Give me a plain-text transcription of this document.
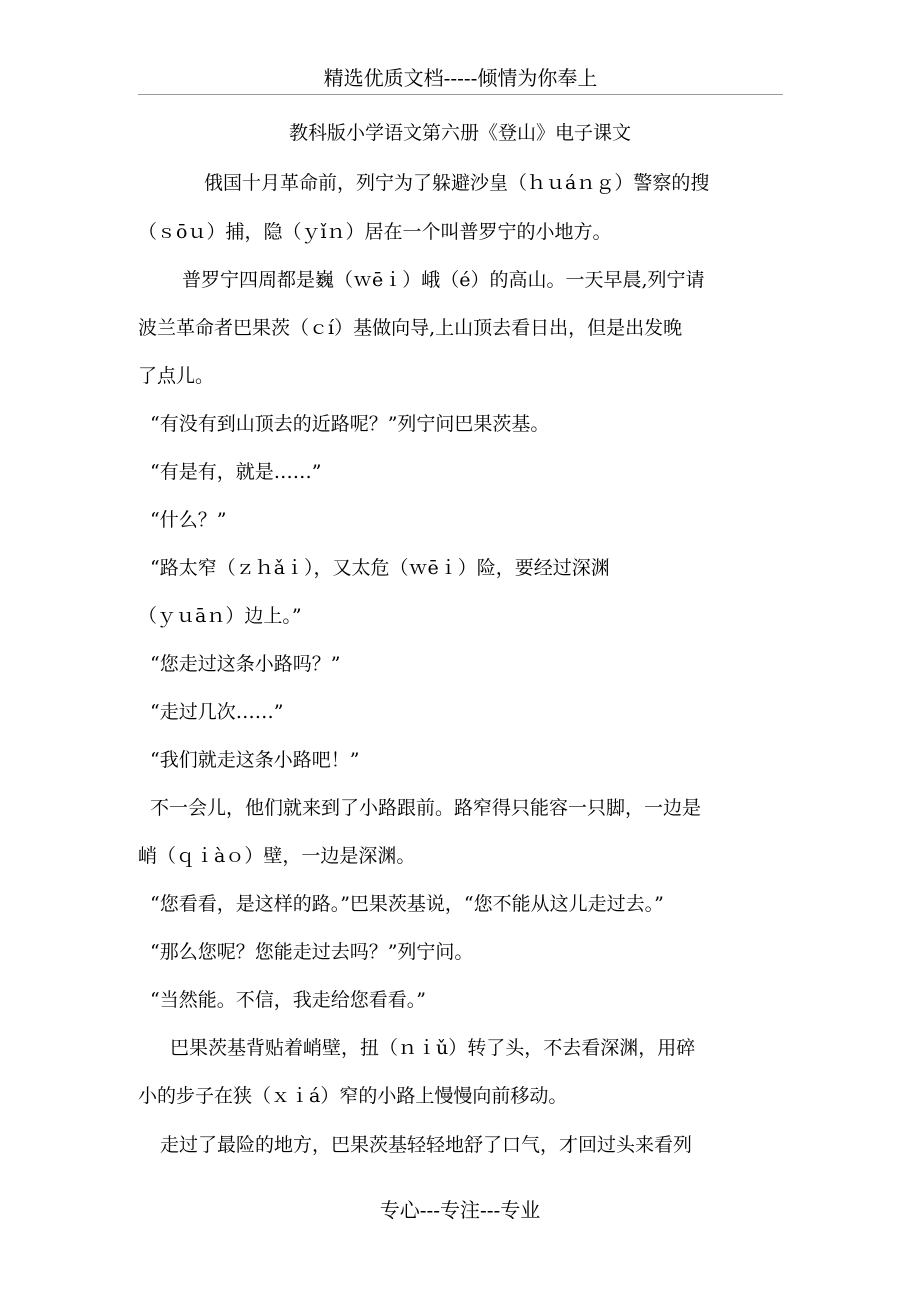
精选优质文档-----倾情为你奉上
教科版小学语文第六册《登山》电子课文
俄国十月革命前，列宁为了躲避沙皇（ｈｕáｎｇ）警察的搜
（ｓōｕ）捕，隐（ｙǐｎ）居在一个叫普罗宁的小地方。
普罗宁四周都是巍（ｗēｉ）峨（é）的高山。一天早晨,列宁请
波兰革命者巴果茨（ｃí）基做向导,上山顶去看日出，但是出发晚
了点儿。
“有没有到山顶去的近路呢？”列宁问巴果茨基。
“有是有，就是……”
“什么？”
“路太窄（ｚｈǎｉ），又太危（ｗēｉ）险，要经过深渊
（ｙｕāｎ）边上。”
“您走过这条小路吗？”
“走过几次……”
“我们就走这条小路吧！”
不一会儿，他们就来到了小路跟前。路窄得只能容一只脚，一边是
峭（ｑｉàｏ）壁，一边是深渊。
“您看看，是这样的路。”巴果茨基说，“您不能从这儿走过去。”
“那么您呢？您能走过去吗？”列宁问。
“当然能。不信，我走给您看看。”
巴果茨基背贴着峭壁，扭（ｎｉǔ）转了头，不去看深渊，用碎
小的步子在狭（ｘｉá）窄的小路上慢慢向前移动。
走过了最险的地方，巴果茨基轻轻地舒了口气，才回过头来看列
专心---专注---专业
